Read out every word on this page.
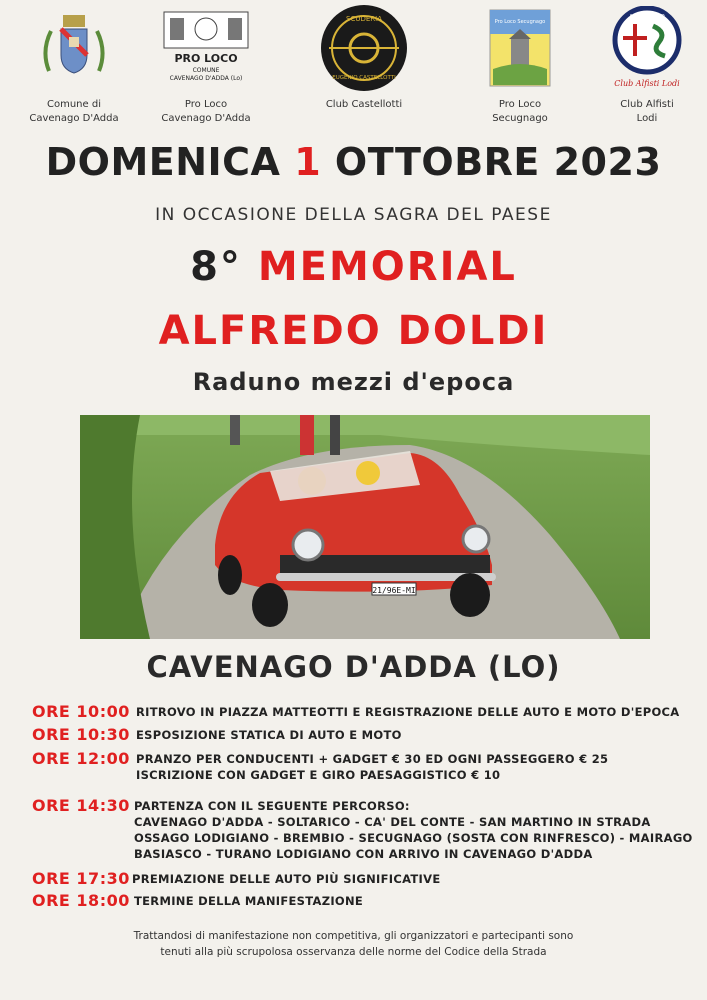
Comune di
Cavenago D'Adda
PRO LOCO
COMUNE
CAVENAGO D'ADDA (Lo)
Pro Loco
Cavenago D'Adda
SCUDERIA
EUGENIO CASTELLOTTI
Club Castellotti
Pro Loco Secugnago
Pro Loco
Secugnago
ALFA ROMEO
Club Alfisti Lodi
Club Alfisti
Lodi
DOMENICA 1 OTTOBRE 2023
IN OCCASIONE DELLA SAGRA DEL PAESE
8° MEMORIAL
ALFREDO DOLDI
Raduno mezzi d'epoca
21/96E-MI
CAVENAGO D'ADDA (LO)
ORE 10:00 RITROVO IN PIAZZA MATTEOTTI E REGISTRAZIONE DELLE AUTO E MOTO D'EPOCA
ORE 10:30 ESPOSIZIONE STATICA DI AUTO E MOTO
ORE 12:00 PRANZO PER CONDUCENTI + GADGET € 30 ED OGNI PASSEGGERO € 25
ISCRIZIONE CON GADGET E GIRO PAESAGGISTICO € 10
ORE 14:30 PARTENZA CON IL SEGUENTE PERCORSO:
CAVENAGO D'ADDA - SOLTARICO - CA' DEL CONTE - SAN MARTINO IN STRADA
OSSAGO LODIGIANO - BREMBIO - SECUGNAGO (SOSTA CON RINFRESCO) - MAIRAGO
BASIASCO - TURANO LODIGIANO CON ARRIVO IN CAVENAGO D'ADDA
ORE 17:30 PREMIAZIONE DELLE AUTO PIÙ SIGNIFICATIVE
ORE 18:00 TERMINE DELLA MANIFESTAZIONE
Trattandosi di manifestazione non competitiva, gli organizzatori e partecipanti sono
tenuti alla più scrupolosa osservanza delle norme del Codice della Strada
